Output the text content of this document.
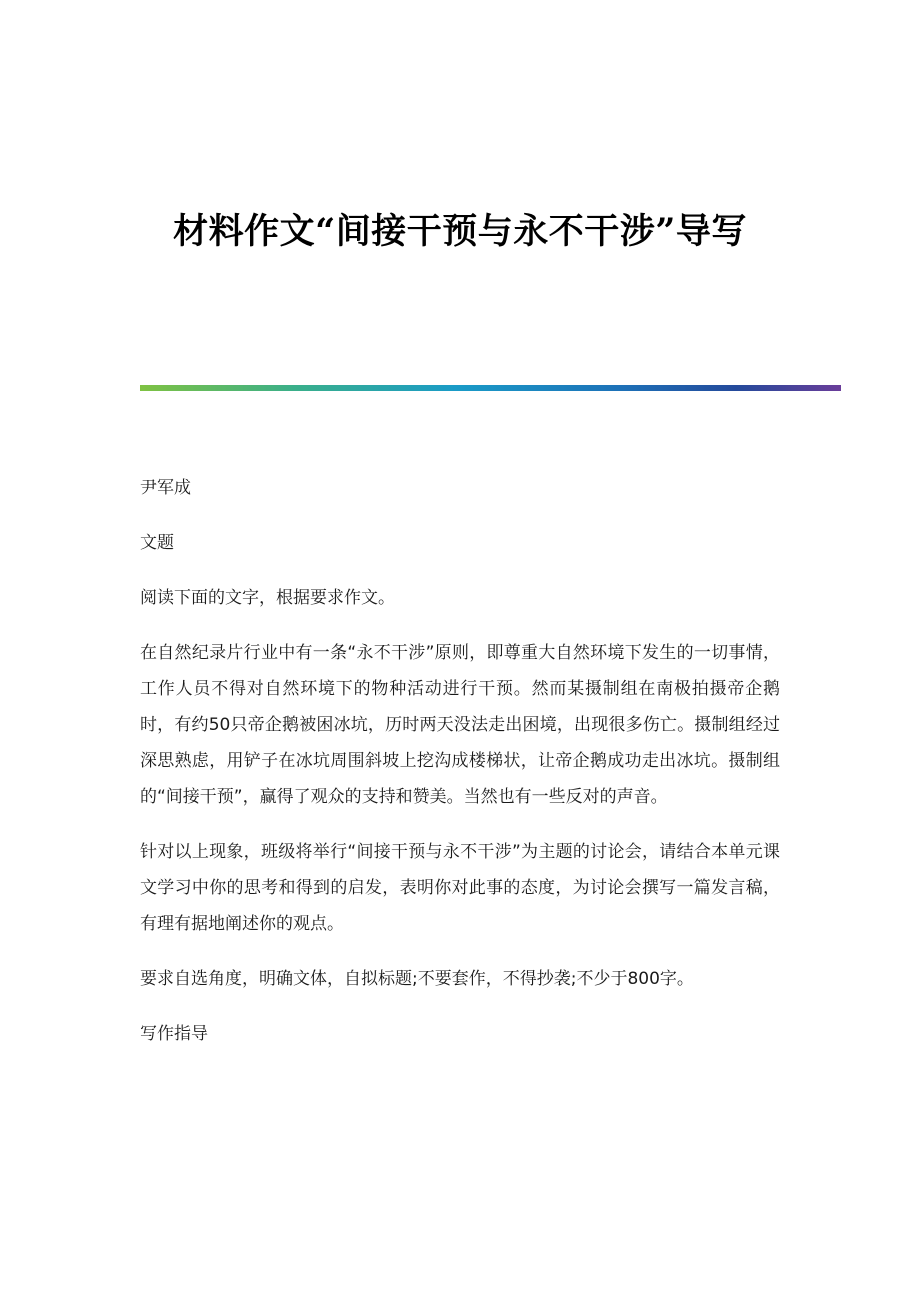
材料作文“间接干预与永不干涉”导写

尹军成

文题

阅读下面的文字，根据要求作文。

在自然纪录片行业中有一条“永不干涉”原则，即尊重大自然环境下发生的一切事情，工作人员不得对自然环境下的物种活动进行干预。然而某摄制组在南极拍摄帝企鹅时，有约50只帝企鹅被困冰坑，历时两天没法走出困境，出现很多伤亡。摄制组经过深思熟虑，用铲子在冰坑周围斜坡上挖沟成楼梯状，让帝企鹅成功走出冰坑。摄制组的“间接干预”，赢得了观众的支持和赞美。当然也有一些反对的声音。

针对以上现象，班级将举行“间接干预与永不干涉”为主题的讨论会，请结合本单元课文学习中你的思考和得到的启发，表明你对此事的态度，为讨论会撰写一篇发言稿，有理有据地阐述你的观点。

要求自选角度，明确文体，自拟标题;不要套作，不得抄袭;不少于800字。

写作指导
